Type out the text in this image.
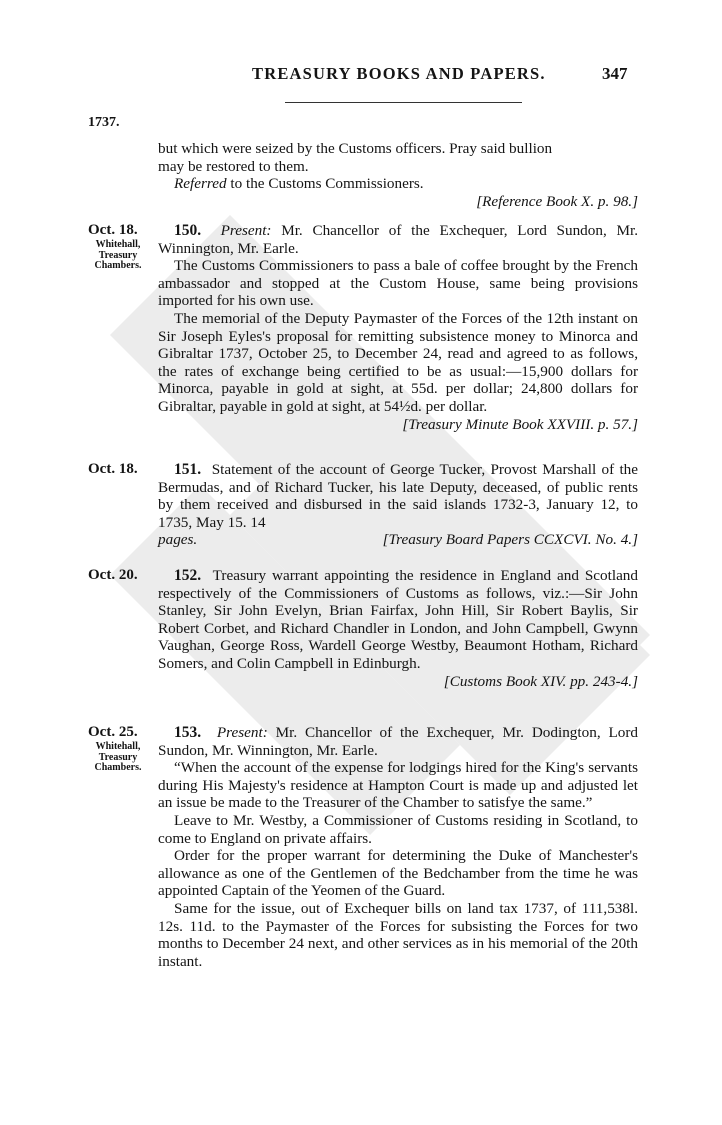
TREASURY BOOKS AND PAPERS.	347
1737.

but which were seized by the Customs officers. Pray said bullion

may be restored to them.

Referred to the Customs Commissioners.

[Reference Book X. p. 98.]

Oct. 18.
Whitehall,
Treasury
Chambers.

150. Present: Mr. Chancellor of the Exchequer, Lord Sundon, Mr. Winnington, Mr. Earle.

The Customs Commissioners to pass a bale of coffee brought by the French ambassador and stopped at the Custom House, same being provisions imported for his own use.

The memorial of the Deputy Paymaster of the Forces of the 12th instant on Sir Joseph Eyles's proposal for remitting subsistence money to Minorca and Gibraltar 1737, October 25, to December 24, read and agreed to as follows, the rates of exchange being certified to be as usual:—15,900 dollars for Minorca, payable in gold at sight, at 55d. per dollar; 24,800 dollars for Gibraltar, payable in gold at sight, at 54½d. per dollar.

[Treasury Minute Book XXVIII. p. 57.]

Oct. 18.	151. Statement of the account of George Tucker, Provost Marshall of the Bermudas, and of Richard Tucker, his late Deputy, deceased, of public rents by them received and disbursed in the said islands 1732-3, January 12, to 1735, May 15. 14

pages.	[Treasury Board Papers CCXCVI. No. 4.]

Oct. 20.	152. Treasury warrant appointing the residence in England and Scotland respectively of the Commissioners of Customs as follows, viz.:—Sir John Stanley, Sir John Evelyn, Brian Fairfax, John Hill, Sir Robert Baylis, Sir Robert Corbet, and Richard Chandler in London, and John Campbell, Gwynn Vaughan, George Ross, Wardell George Westby, Beaumont Hotham, Richard Somers, and Colin Campbell in Edinburgh.

[Customs Book XIV. pp. 243-4.]

Oct. 25.
Whitehall,
Treasury
Chambers.

153. Present: Mr. Chancellor of the Exchequer, Mr. Dodington, Lord Sundon, Mr. Winnington, Mr. Earle.

“When the account of the expense for lodgings hired for the King's servants during His Majesty's residence at Hampton Court is made up and adjusted let an issue be made to the Treasurer of the Chamber to satisfye the same.”

Leave to Mr. Westby, a Commissioner of Customs residing in Scotland, to come to England on private affairs.

Order for the proper warrant for determining the Duke of Manchester's allowance as one of the Gentlemen of the Bedchamber from the time he was appointed Captain of the Yeomen of the Guard.

Same for the issue, out of Exchequer bills on land tax 1737, of 111,538l. 12s. 11d. to the Paymaster of the Forces for subsisting the Forces for two months to December 24 next, and other services as in his memorial of the 20th instant.
